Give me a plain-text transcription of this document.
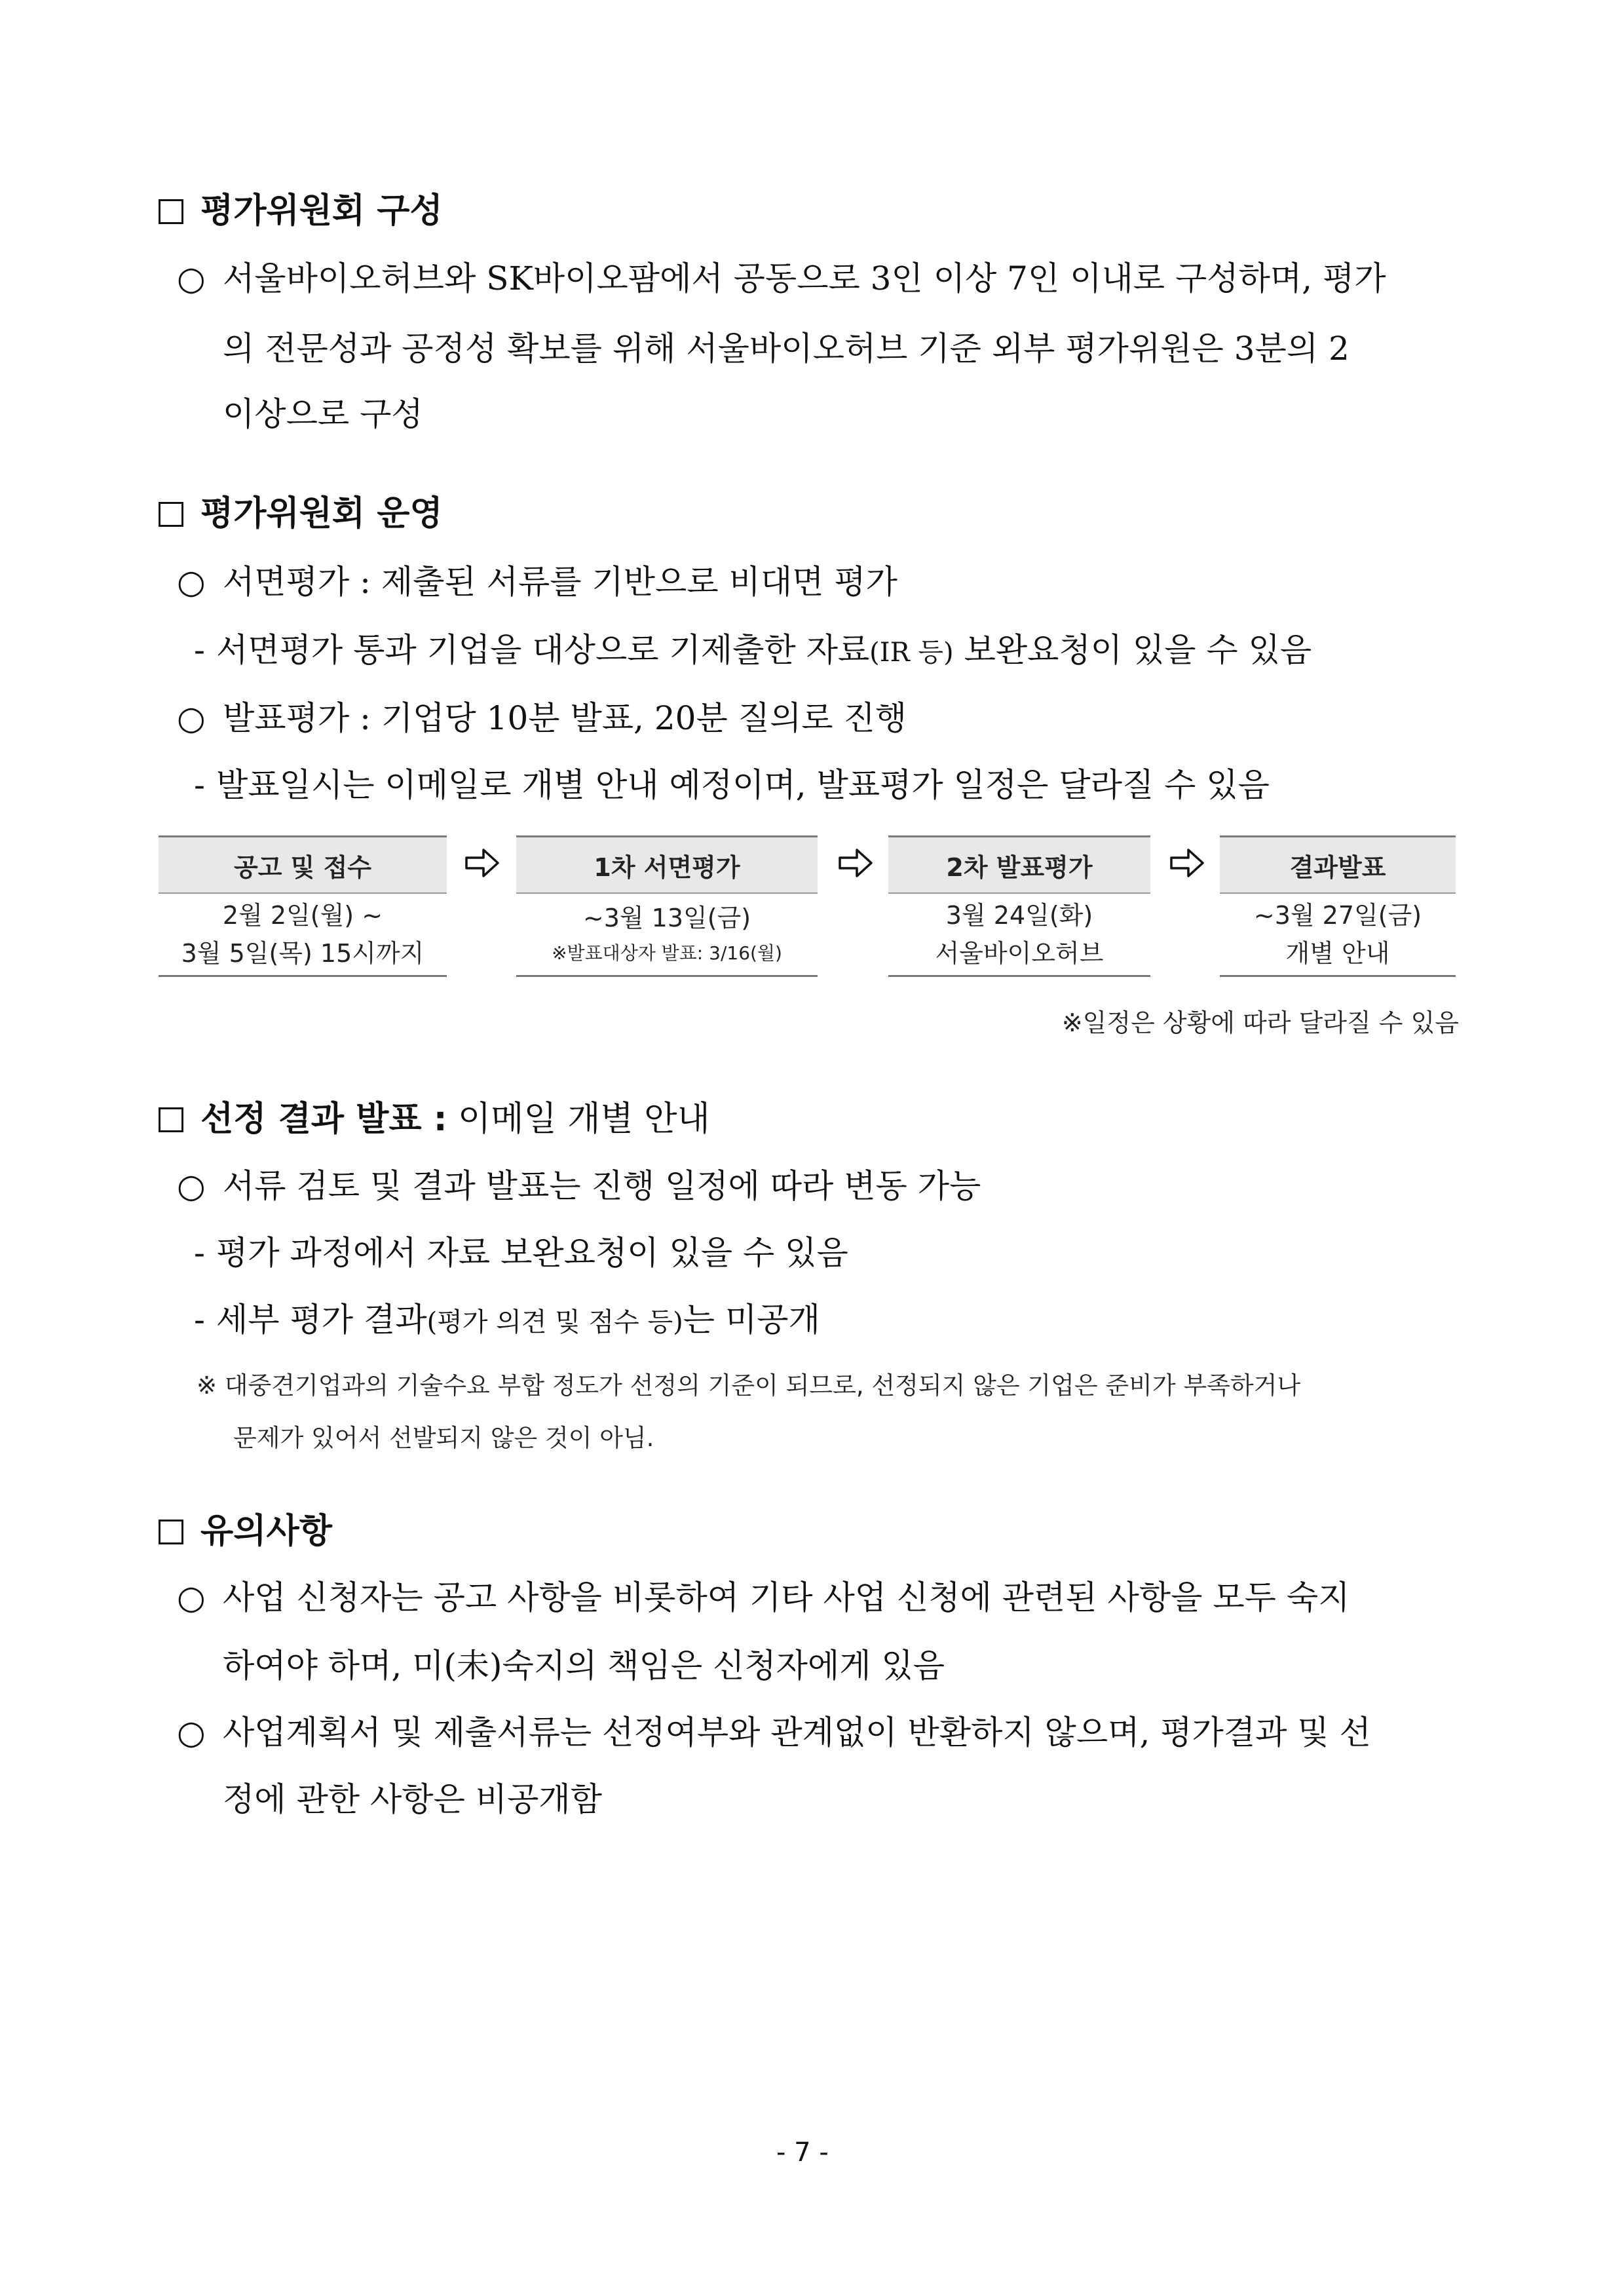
평가위원회 구성
○ 서울바이오허브와 SK바이오팜에서 공동으로 3인 이상 7인 이내로 구성하며, 평가
의 전문성과 공정성 확보를 위해 서울바이오허브 기준 외부 평가위원은 3분의 2
이상으로 구성
평가위원회 운영
○ 서면평가 : 제출된 서류를 기반으로 비대면 평가
- 서면평가 통과 기업을 대상으로 기제출한 자료(IR 등) 보완요청이 있을 수 있음
○ 발표평가 : 기업당 10분 발표, 20분 질의로 진행
- 발표일시는 이메일로 개별 안내 예정이며, 발표평가 일정은 달라질 수 있음
공고 및 접수
2월 2일(월) ~
3월 5일(목) 15시까지
1차 서면평가
~3월 13일(금)
※발표대상자 발표: 3/16(월)
2차 발표평가
3월 24일(화)
서울바이오허브
결과발표
~3월 27일(금)
개별 안내
※일정은 상황에 따라 달라질 수 있음
선정 결과 발표 : 이메일 개별 안내
○ 서류 검토 및 결과 발표는 진행 일정에 따라 변동 가능
- 평가 과정에서 자료 보완요청이 있을 수 있음
- 세부 평가 결과(평가 의견 및 점수 등)는 미공개
※ 대중견기업과의 기술수요 부합 정도가 선정의 기준이 되므로, 선정되지 않은 기업은 준비가 부족하거나
문제가 있어서 선발되지 않은 것이 아님.
유의사항
○ 사업 신청자는 공고 사항을 비롯하여 기타 사업 신청에 관련된 사항을 모두 숙지
하여야 하며, 미(未)숙지의 책임은 신청자에게 있음
○ 사업계획서 및 제출서류는 선정여부와 관계없이 반환하지 않으며, 평가결과 및 선
정에 관한 사항은 비공개함
- 7 -
